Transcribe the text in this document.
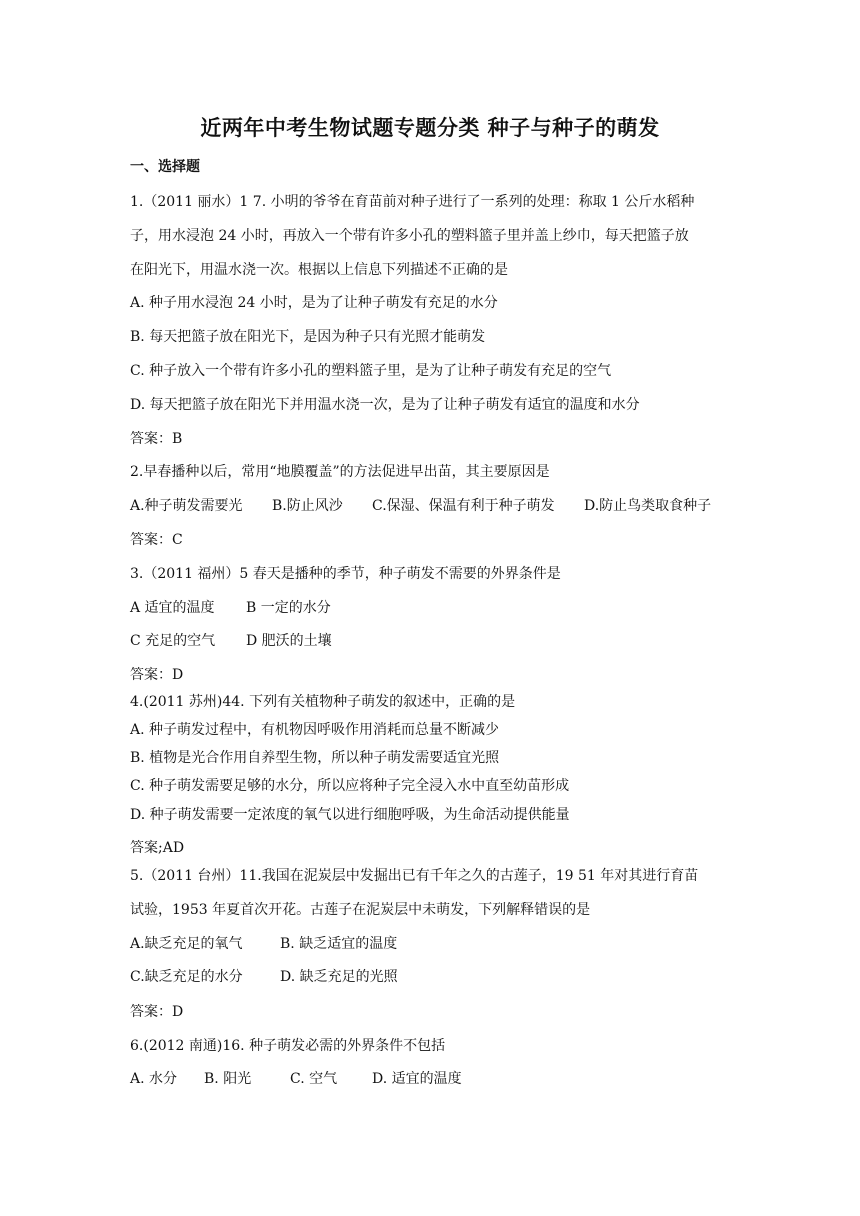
近两年中考生物试题专题分类 种子与种子的萌发
一、选择题
1.（2011 丽水）1 7. 小明的爷爷在育苗前对种子进行了一系列的处理：称取 1 公斤水稻种
子，用水浸泡 24 小时，再放入一个带有许多小孔的塑料篮子里并盖上纱巾，每天把篮子放
在阳光下，用温水浇一次。根据以上信息下列描述不正确的是
A. 种子用水浸泡 24 小时，是为了让种子萌发有充足的水分
B. 每天把篮子放在阳光下，是因为种子只有光照才能萌发
C. 种子放入一个带有许多小孔的塑料篮子里，是为了让种子萌发有充足的空气
D. 每天把篮子放在阳光下并用温水浇一次，是为了让种子萌发有适宜的温度和水分
答案：B
2.早春播种以后，常用“地膜覆盖”的方法促进早出苗，其主要原因是
A.种子萌发需要光 B.防止风沙 C.保湿、保温有利于种子萌发 D.防止鸟类取食种子
答案：C
3.（2011 福州）5 春天是播种的季节，种子萌发不需要的外界条件是
A 适宜的温度 B 一定的水分
C 充足的空气 D 肥沃的土壤
答案：D
4.(2011 苏州)44. 下列有关植物种子萌发的叙述中，正确的是
A. 种子萌发过程中，有机物因呼吸作用消耗而总量不断减少
B. 植物是光合作用自养型生物，所以种子萌发需要适宜光照
C. 种子萌发需要足够的水分，所以应将种子完全浸入水中直至幼苗形成
D. 种子萌发需要一定浓度的氧气以进行细胞呼吸，为生命活动提供能量
答案;AD
5.（2011 台州）11.我国在泥炭层中发掘出已有千年之久的古莲子，19 51 年对其进行育苗
试验，1953 年夏首次开花。古莲子在泥炭层中未萌发，下列解释错误的是
A.缺乏充足的氧气	B. 缺乏适宜的温度
C.缺乏充足的水分	D. 缺乏充足的光照
答案：D
6.(2012 南通)16. 种子萌发必需的外界条件不包括
A. 水分 B. 阳光	C. 空气 D. 适宜的温度
